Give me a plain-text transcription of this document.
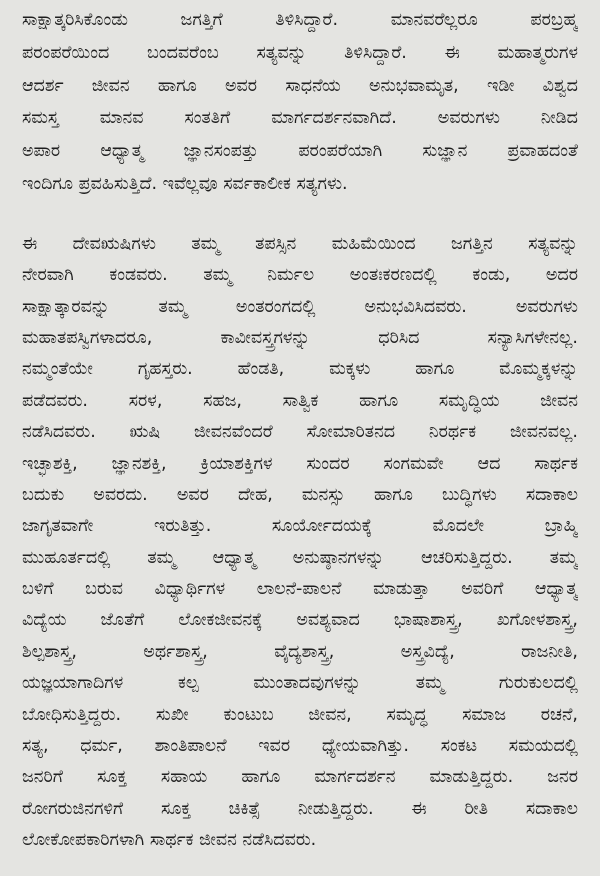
ಸಾಕ್ಷಾತ್ಕರಿಸಿಕೊಂಡು ಜಗತ್ತಿಗೆ ತಿಳಿಸಿದ್ದಾರೆ. ಮಾನವರೆಲ್ಲರೂ ಪರಬ್ರಹ್ಮ
ಪರಂಪರೆಯಿಂದ ಬಂದವರೆಂಬ ಸತ್ಯವನ್ನು ತಿಳಿಸಿದ್ದಾರೆ. ಈ ಮಹಾತ್ಮರುಗಳ
ಆದರ್ಶ ಜೀವನ ಹಾಗೂ ಅವರ ಸಾಧನೆಯ ಅನುಭವಾಮೃತ, ಇಡೀ ವಿಶ್ವದ
ಸಮಸ್ತ ಮಾನವ ಸಂತತಿಗೆ ಮಾರ್ಗದರ್ಶನವಾಗಿದೆ. ಅವರುಗಳು ನೀಡಿದ
ಅಪಾರ ಆಧ್ಯಾತ್ಮ ಜ್ಞಾನಸಂಪತ್ತು ಪರಂಪರೆಯಾಗಿ ಸುಜ್ಞಾನ ಪ್ರವಾಹದಂತೆ
ಇಂದಿಗೂ ಪ್ರವಹಿಸುತ್ತಿದೆ. ಇವೆಲ್ಲವೂ ಸರ್ವಕಾಲೀಕ ಸತ್ಯಗಳು.
ಈ ದೇವಋಷಿಗಳು ತಮ್ಮ ತಪಸ್ಸಿನ ಮಹಿಮೆಯಿಂದ ಜಗತ್ತಿನ ಸತ್ಯವನ್ನು
ನೇರವಾಗಿ ಕಂಡವರು. ತಮ್ಮ ನಿರ್ಮಲ ಅಂತಃಕರಣದಲ್ಲಿ ಕಂಡು, ಅದರ
ಸಾಕ್ಷಾತ್ಕಾರವನ್ನು ತಮ್ಮ ಅಂತರಂಗದಲ್ಲಿ ಅನುಭವಿಸಿದವರು. ಅವರುಗಳು
ಮಹಾತಪಸ್ವಿಗಳಾದರೂ, ಕಾವೀವಸ್ತ್ರಗಳನ್ನು ಧರಿಸಿದ ಸನ್ಯಾಸಿಗಳೇನಲ್ಲ.
ನಮ್ಮಂತೆಯೇ ಗೃಹಸ್ತರು. ಹೆಂಡತಿ, ಮಕ್ಕಳು ಹಾಗೂ ಮೊಮ್ಮಕ್ಕಳನ್ನು
ಪಡೆದವರು. ಸರಳ, ಸಹಜ, ಸಾತ್ವಿಕ ಹಾಗೂ ಸಮೃದ್ಧಿಯ ಜೀವನ
ನಡೆಸಿದವರು. ಋಷಿ ಜೀವನವೆಂದರೆ ಸೋಮಾರಿತನದ ನಿರರ್ಥಕ ಜೀವನವಲ್ಲ.
ಇಚ್ಛಾಶಕ್ತಿ, ಜ್ಞಾನಶಕ್ತಿ, ಕ್ರಿಯಾಶಕ್ತಿಗಳ ಸುಂದರ ಸಂಗಮವೇ ಆದ ಸಾರ್ಥಕ
ಬದುಕು ಅವರದು. ಅವರ ದೇಹ, ಮನಸ್ಸು ಹಾಗೂ ಬುದ್ಧಿಗಳು ಸದಾಕಾಲ
ಜಾಗೃತವಾಗೇ ಇರುತಿತ್ತು. ಸೂರ್ಯೋದಯಕ್ಕೆ ಮೊದಲೇ ಬ್ರಾಹ್ಮಿ
ಮುಹೂರ್ತದಲ್ಲಿ ತಮ್ಮ ಆಧ್ಯಾತ್ಮ ಅನುಷ್ಠಾನಗಳನ್ನು ಆಚರಿಸುತ್ತಿದ್ದರು. ತಮ್ಮ
ಬಳಿಗೆ ಬರುವ ವಿಧ್ಯಾರ್ಥಿಗಳ ಲಾಲನೆ-ಪಾಲನೆ ಮಾಡುತ್ತಾ ಅವರಿಗೆ ಆಧ್ಯಾತ್ಮ
ವಿದ್ಯೆಯ ಜೊತೆಗೆ ಲೋಕಜೀವನಕ್ಕೆ ಅವಶ್ಯವಾದ ಭಾಷಾಶಾಸ್ತ್ರ, ಖಗೋಳಶಾಸ್ತ್ರ,
ಶಿಲ್ಪಶಾಸ್ತ್ರ, ಅರ್ಥಶಾಸ್ತ್ರ, ವೈದ್ಯಶಾಸ್ತ್ರ, ಅಸ್ತ್ರವಿದ್ಯೆ, ರಾಜನೀತಿ,
ಯಜ್ಞಯಾಗಾದಿಗಳ ಕಲ್ಪ ಮುಂತಾದವುಗಳನ್ನು ತಮ್ಮ ಗುರುಕುಲದಲ್ಲಿ
ಬೋಧಿಸುತ್ತಿದ್ದರು. ಸುಖೀ ಕುಂಟುಬ ಜೀವನ, ಸಮೃದ್ಧ ಸಮಾಜ ರಚನೆ,
ಸತ್ಯ, ಧರ್ಮ, ಶಾಂತಿಪಾಲನೆ ಇವರ ಧ್ಯೇಯವಾಗಿತ್ತು. ಸಂಕಟ ಸಮಯದಲ್ಲಿ
ಜನರಿಗೆ ಸೂಕ್ತ ಸಹಾಯ ಹಾಗೂ ಮಾರ್ಗದರ್ಶನ ಮಾಡುತ್ತಿದ್ದರು. ಜನರ
ರೋಗರುಜಿನಗಳಿಗೆ ಸೂಕ್ತ ಚಿಕಿತ್ಸೆ ನೀಡುತ್ತಿದ್ದರು. ಈ ರೀತಿ ಸದಾಕಾಲ
ಲೋಕೋಪಕಾರಿಗಳಾಗಿ ಸಾರ್ಥಕ ಜೀವನ ನಡೆಸಿದವರು.
